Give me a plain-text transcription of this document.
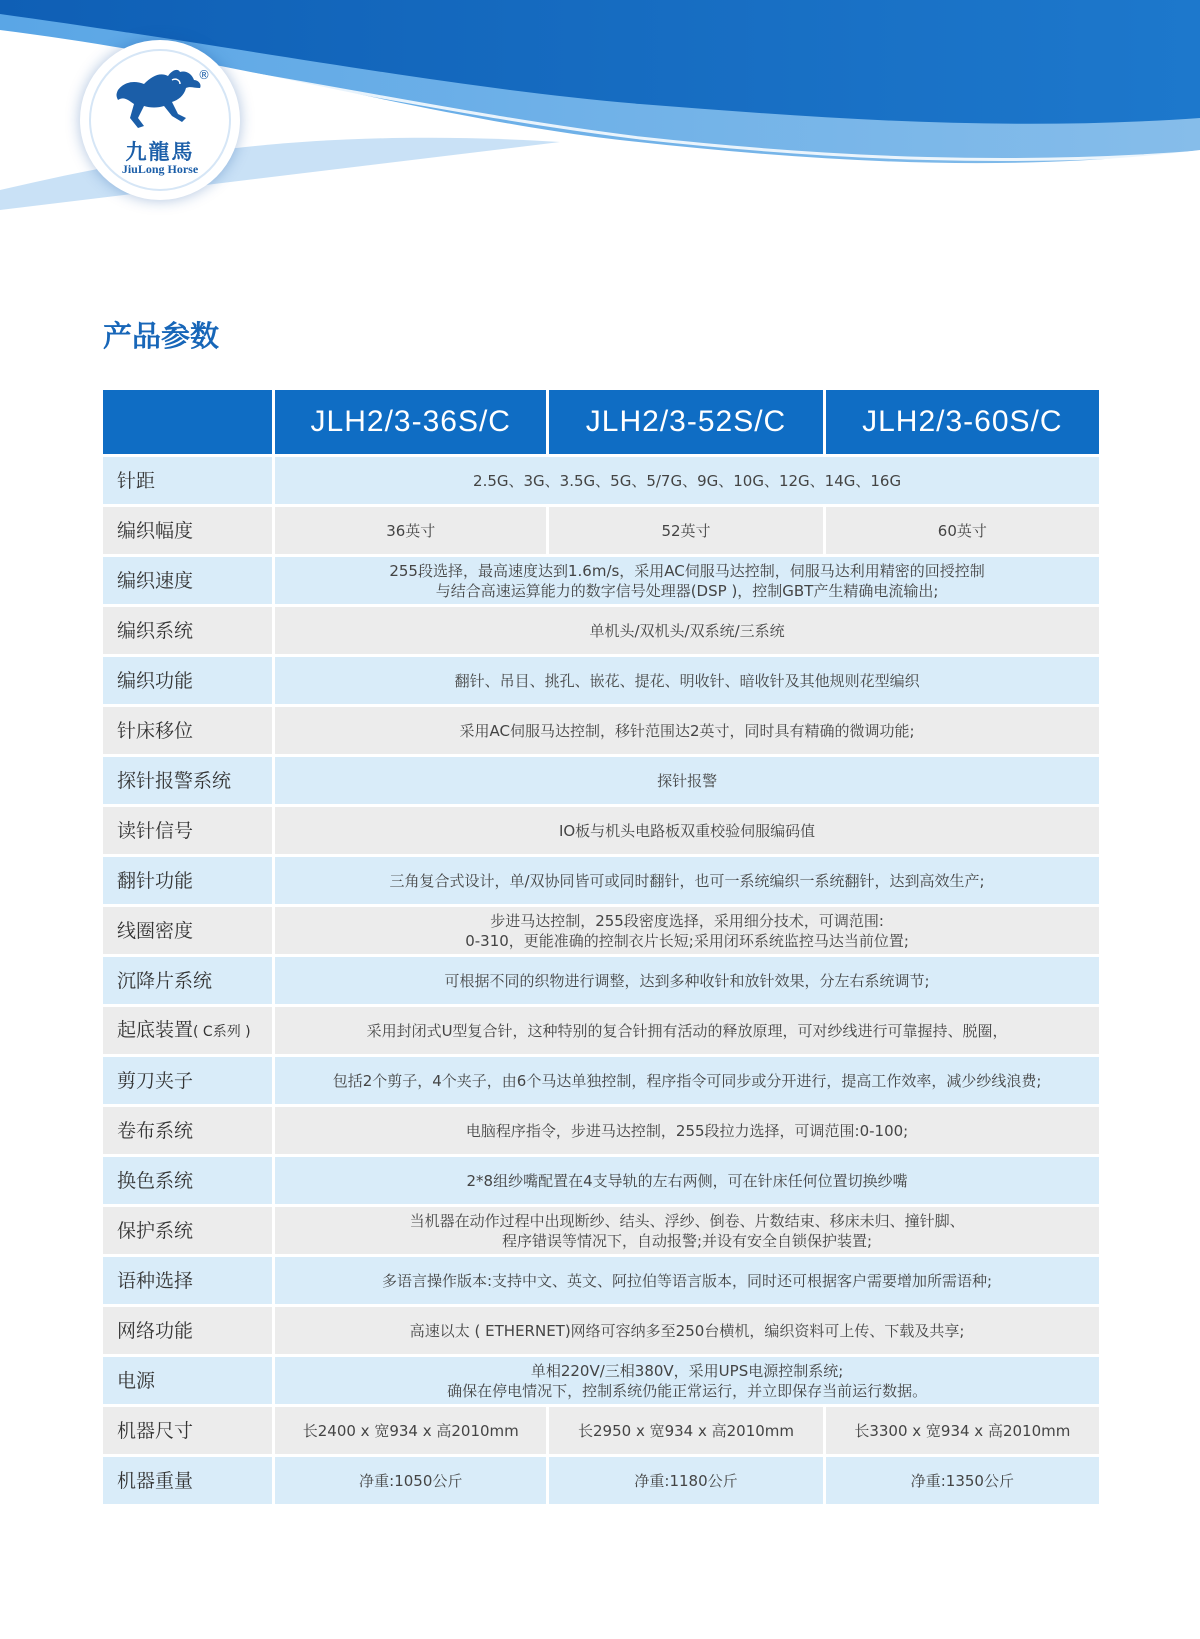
®
九龍馬
JiuLong Horse
产品参数
	JLH2/3-36S/C	JLH2/3-52S/C	JLH2/3-60S/C
针距	2.5G、3G、3.5G、5G、5/7G、9G、10G、12G、14G、16G		
编织幅度	36英寸	52英寸	60英寸
编织速度	255段选择，最高速度达到1.6m/s，采用AC伺服马达控制，伺服马达利用精密的回授控制
与结合高速运算能力的数字信号处理器(DSP )，控制GBT产生精确电流输出;		

编织系统	单机头/双机头/双系统/三系统		
编织功能	翻针、吊目、挑孔、嵌花、提花、明收针、暗收针及其他规则花型编织		
针床移位	采用AC伺服马达控制，移针范围达2英寸，同时具有精确的微调功能;		
探针报警系统	探针报警		
读针信号	IO板与机头电路板双重校验伺服编码值		
翻针功能	三角复合式设计，单/双协同皆可或同时翻针，也可一系统编织一系统翻针，达到高效生产;		
线圈密度	步进马达控制，255段密度选择，采用细分技术，可调范围:
0-310，更能准确的控制衣片长短;采用闭环系统监控马达当前位置;		

沉降片系统	可根据不同的织物进行调整，达到多种收针和放针效果，分左右系统调节;		
起底装置( C系列 )	采用封闭式U型复合针，这种特别的复合针拥有活动的释放原理，可对纱线进行可靠握持、脱圈，		
剪刀夹子	包括2个剪子，4个夹子，由6个马达单独控制，程序指令可同步或分开进行，提高工作效率，减少纱线浪费;		
卷布系统	电脑程序指令，步进马达控制，255段拉力选择，可调范围:0-100;		
换色系统	2*8组纱嘴配置在4支导轨的左右两侧，可在针床任何位置切换纱嘴		
保护系统	当机器在动作过程中出现断纱、结头、浮纱、倒卷、片数结束、移床未归、撞针脚、
程序错误等情况下，自动报警;并设有安全自锁保护装置;		

语种选择	多语言操作版本:支持中文、英文、阿拉伯等语言版本，同时还可根据客户需要增加所需语种;		
网络功能	高速以太 ( ETHERNET)网络可容纳多至250台横机，编织资料可上传、下载及共享;		
电源	单相220V/三相380V，采用UPS电源控制系统;
确保在停电情况下，控制系统仍能正常运行，并立即保存当前运行数据。		

机器尺寸	长2400 x 宽934 x 高2010mm	长2950 x 宽934 x 高2010mm	长3300 x 宽934 x 高2010mm
机器重量	净重:1050公斤	净重:1180公斤	净重:1350公斤
